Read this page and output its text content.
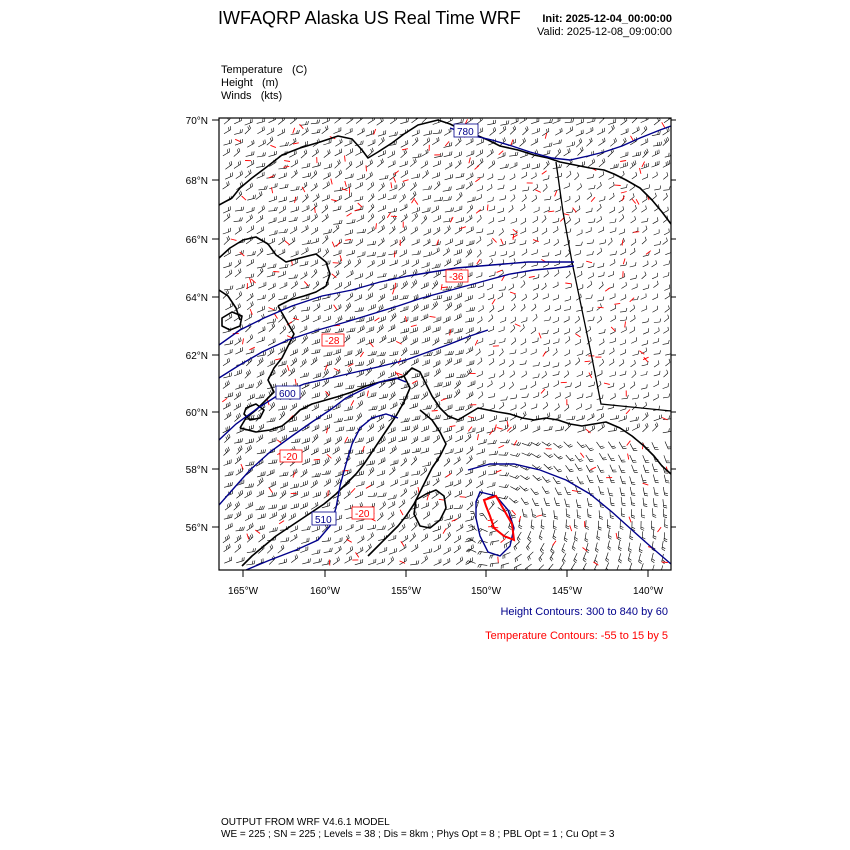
IWFAQRP Alaska US Real Time WRF Init: 2025-12-04_00:00:00
Valid: 2025-12-08_09:00:00
Temperature (C)
Height (m)
Winds (kts)
780
600
510
-36
-28
-20
-20
70°N
68°N
66°N
64°N
62°N
60°N
58°N
56°N
165°W	160°W	155°W	150°W	145°W	140°W
Height Contours: 300 to 840 by 60
Temperature Contours: -55 to 15 by 5
OUTPUT FROM WRF V4.6.1 MODEL
WE = 225 ; SN = 225 ; Levels = 38 ; Dis = 8km ; Phys Opt = 8 ; PBL Opt = 1 ; Cu Opt = 3
